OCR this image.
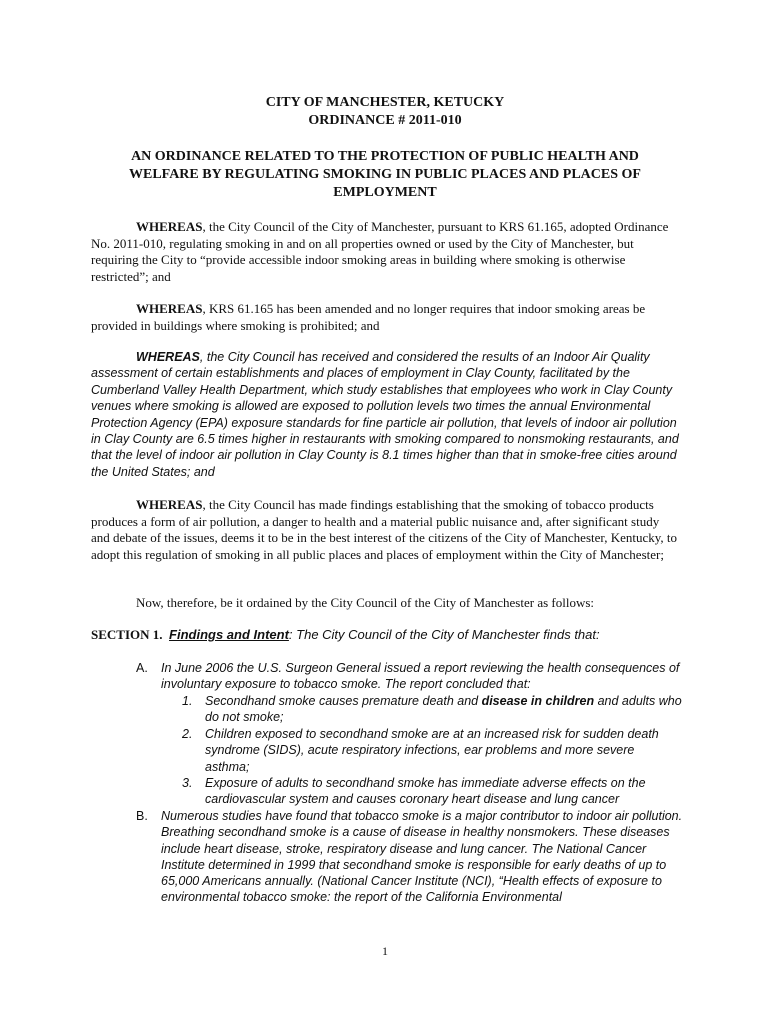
CITY OF MANCHESTER, KETUCKY
ORDINANCE # 2011-010
AN ORDINANCE RELATED TO THE PROTECTION OF PUBLIC HEALTH AND WELFARE BY REGULATING SMOKING IN PUBLIC PLACES AND PLACES OF EMPLOYMENT

WHEREAS, the City Council of the City of Manchester, pursuant to KRS 61.165, adopted Ordinance No. 2011-010, regulating smoking in and on all properties owned or used by the City of Manchester, but requiring the City to “provide accessible indoor smoking areas in building where smoking is otherwise restricted”; and

WHEREAS, KRS 61.165 has been amended and no longer requires that indoor smoking areas be provided in buildings where smoking is prohibited; and

WHEREAS, the City Council has received and considered the results of an Indoor Air Quality assessment of certain establishments and places of employment in Clay County, facilitated by the Cumberland Valley Health Department, which study establishes that employees who work in Clay County venues where smoking is allowed are exposed to pollution levels two times the annual Environmental Protection Agency (EPA) exposure standards for fine particle air pollution, that levels of indoor air pollution in Clay County are 6.5 times higher in restaurants with smoking compared to nonsmoking restaurants, and that the level of indoor air pollution in Clay County is 8.1 times higher than that in smoke-free cities around the United States; and

WHEREAS, the City Council has made findings establishing that the smoking of tobacco products produces a form of air pollution, a danger to health and a material public nuisance and, after significant study and debate of the issues, deems it to be in the best interest of the citizens of the City of Manchester, Kentucky, to adopt this regulation of smoking in all public places and places of employment within the City of Manchester;

Now, therefore, be it ordained by the City Council of the City of Manchester as follows:

SECTION 1. Findings and Intent: The City Council of the City of Manchester finds that:
A. In June 2006 the U.S. Surgeon General issued a report reviewing the health consequences of involuntary exposure to tobacco smoke. The report concluded that:
1. Secondhand smoke causes premature death and disease in children and adults who do not smoke;
2. Children exposed to secondhand smoke are at an increased risk for sudden death syndrome (SIDS), acute respiratory infections, ear problems and more severe asthma;
3. Exposure of adults to secondhand smoke has immediate adverse effects on the cardiovascular system and causes coronary heart disease and lung cancer
B. Numerous studies have found that tobacco smoke is a major contributor to indoor air pollution. Breathing secondhand smoke is a cause of disease in healthy nonsmokers. These diseases include heart disease, stroke, respiratory disease and lung cancer. The National Cancer Institute determined in 1999 that secondhand smoke is responsible for early deaths of up to 65,000 Americans annually. (National Cancer Institute (NCI), “Health effects of exposure to environmental tobacco smoke: the report of the California Environmental
1
